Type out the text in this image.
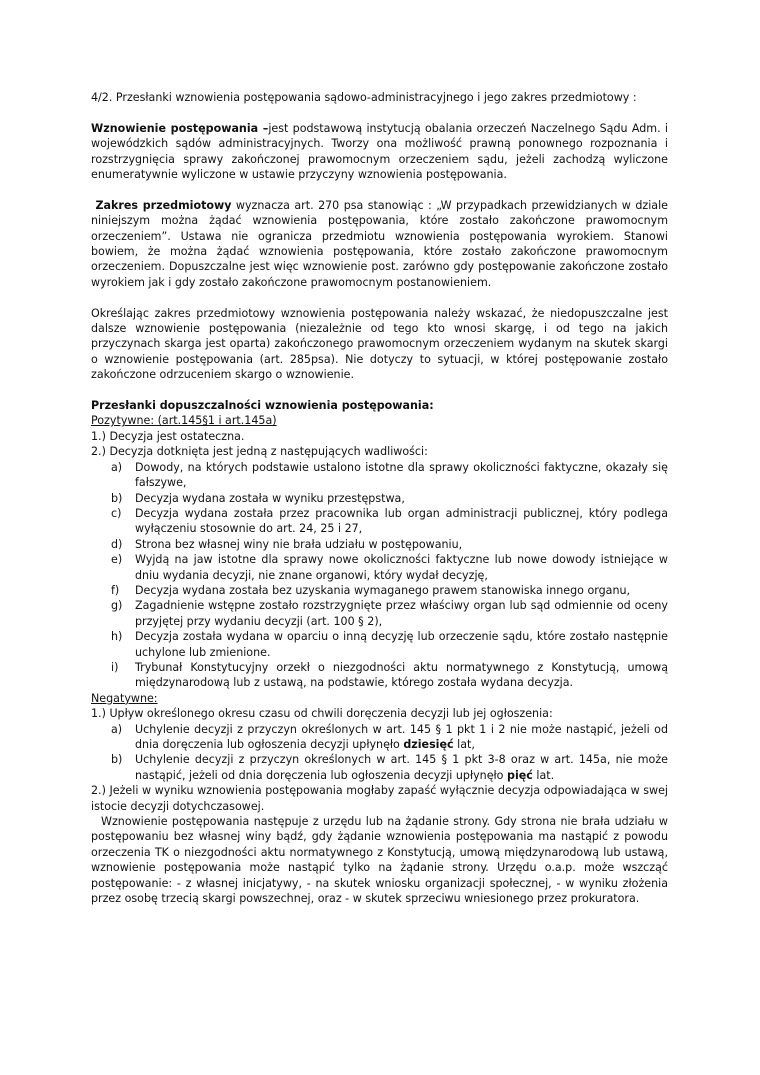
4/2. Przesłanki wznowienia postępowania sądowo-administracyjnego i jego zakres przedmiotowy :

Wznowienie postępowania –jest podstawową instytucją obalania orzeczeń Naczelnego Sądu Adm. i wojewódzkich sądów administracyjnych. Tworzy ona możliwość prawną ponownego rozpoznania i rozstrzygnięcia sprawy zakończonej prawomocnym orzeczeniem sądu, jeżeli zachodzą wyliczone enumeratywnie wyliczone w ustawie przyczyny wznowienia postępowania.

Zakres przedmiotowy wyznacza art. 270 psa stanowiąc : „W przypadkach przewidzianych w dziale niniejszym można żądać wznowienia postępowania, które zostało zakończone prawomocnym orzeczeniem”. Ustawa nie ogranicza przedmiotu wznowienia postępowania wyrokiem. Stanowi bowiem, że można żądać wznowienia postępowania, które zostało zakończone prawomocnym orzeczeniem. Dopuszczalne jest więc wznowienie post. zarówno gdy postępowanie zakończone zostało wyrokiem jak i gdy zostało zakończone prawomocnym postanowieniem.

Określając zakres przedmiotowy wznowienia postępowania należy wskazać, że niedopuszczalne jest dalsze wznowienie postępowania (niezależnie od tego kto wnosi skargę, i od tego na jakich przyczynach skarga jest oparta) zakończonego prawomocnym orzeczeniem wydanym na skutek skargi o wznowienie postępowania (art. 285psa). Nie dotyczy to sytuacji, w której postępowanie zostało zakończone odrzuceniem skargo o wznowienie.

Przesłanki dopuszczalności wznowienia postępowania:

Pozytywne: (art.145§1 i art.145a)

1.) Decyzja jest ostateczna.

2.) Decyzja dotknięta jest jedną z następujących wadliwości:

a) Dowody, na których podstawie ustalono istotne dla sprawy okoliczności faktyczne, okazały się fałszywe,
b) Decyzja wydana została w wyniku przestępstwa,
c) Decyzja wydana została przez pracownika lub organ administracji publicznej, który podlega wyłączeniu stosownie do art. 24, 25 i 27,
d) Strona bez własnej winy nie brała udziału w postępowaniu,
e) Wyjdą na jaw istotne dla sprawy nowe okoliczności faktyczne lub nowe dowody istniejące w dniu wydania decyzji, nie znane organowi, który wydał decyzję,
f) Decyzja wydana została bez uzyskania wymaganego prawem stanowiska innego organu,
g) Zagadnienie wstępne zostało rozstrzygnięte przez właściwy organ lub sąd odmiennie od oceny przyjętej przy wydaniu decyzji (art. 100 § 2),
h) Decyzja została wydana w oparciu o inną decyzję lub orzeczenie sądu, które zostało następnie uchylone lub zmienione.
i) Trybunał Konstytucyjny orzekł o niezgodności aktu normatywnego z Konstytucją, umową międzynarodową lub z ustawą, na podstawie, którego została wydana decyzja.

Negatywne:

1.) Upływ określonego okresu czasu od chwili doręczenia decyzji lub jej ogłoszenia:

a) Uchylenie decyzji z przyczyn określonych w art. 145 § 1 pkt 1 i 2 nie może nastąpić, jeżeli od dnia doręczenia lub ogłoszenia decyzji upłynęło dziesięć lat,
b) Uchylenie decyzji z przyczyn określonych w art. 145 § 1 pkt 3-8 oraz w art. 145a, nie może nastąpić, jeżeli od dnia doręczenia lub ogłoszenia decyzji upłynęło pięć lat.

2.) Jeżeli w wyniku wznowienia postępowania mogłaby zapaść wyłącznie decyzja odpowiadająca w swej istocie decyzji dotychczasowej.

Wznowienie postępowania następuje z urzędu lub na żądanie strony. Gdy strona nie brała udziału w postępowaniu bez własnej winy bądź, gdy żądanie wznowienia postępowania ma nastąpić z powodu orzeczenia TK o niezgodności aktu normatywnego z Konstytucją, umową międzynarodową lub ustawą, wznowienie postępowania może nastąpić tylko na żądanie strony. Urzędu o.a.p. może wszcząć postępowanie: - z własnej inicjatywy, - na skutek wniosku organizacji społecznej, - w wyniku złożenia przez osobę trzecią skargi powszechnej, oraz - w skutek sprzeciwu wniesionego przez prokuratora.
